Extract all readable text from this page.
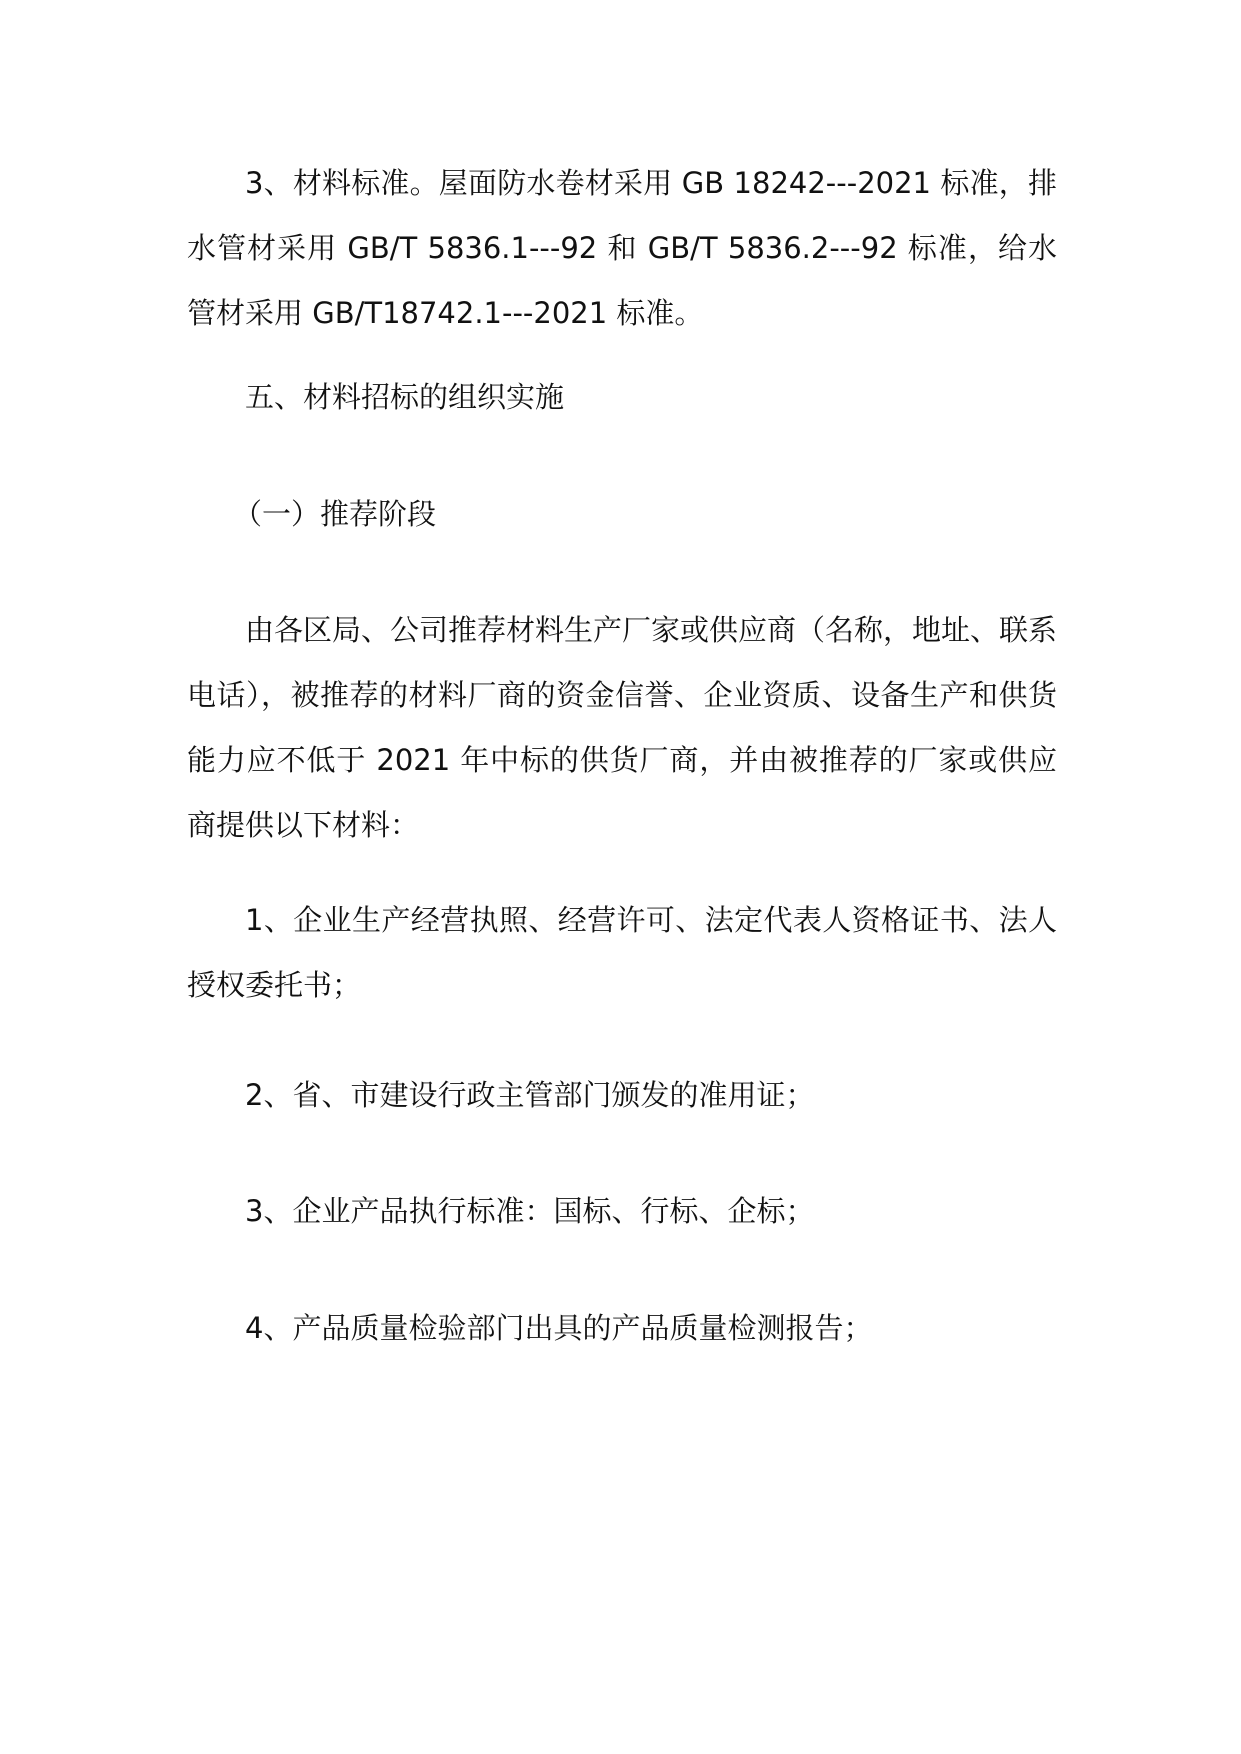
3、材料标准。屋面防水卷材采用 GB 18242---2021 标准，排水管材采用 GB/T 5836.1---92 和 GB/T 5836.2---92 标准，给水管材采用 GB/T18742.1---2021 标准。

五、材料招标的组织实施

（一）推荐阶段

由各区局、公司推荐材料生产厂家或供应商（名称，地址、联系电话），被推荐的材料厂商的资金信誉、企业资质、设备生产和供货能力应不低于 2021 年中标的供货厂商，并由被推荐的厂家或供应商提供以下材料：

1、企业生产经营执照、经营许可、法定代表人资格证书、法人授权委托书；

2、省、市建设行政主管部门颁发的准用证；

3、企业产品执行标准：国标、行标、企标；

4、产品质量检验部门出具的产品质量检测报告；
